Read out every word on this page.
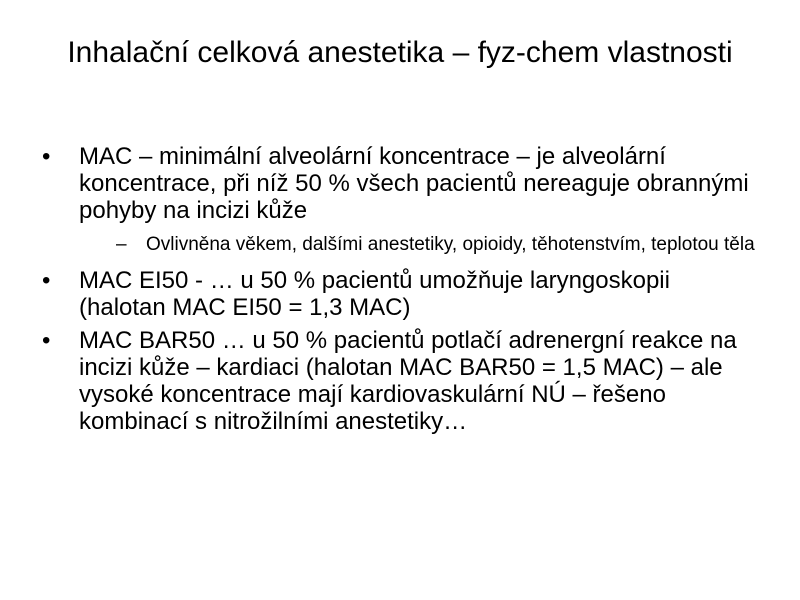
Inhalační celková anestetika – fyz-chem vlastnosti
•	MAC – minimální alveolární koncentrace – je alveolární koncentrace, při níž 50 % všech pacientů nereaguje obrannými pohyby na incizi kůže
– Ovlivněna věkem, dalšími anestetiky, opioidy, těhotenstvím, teplotou těla
•	MAC EI50 - … u 50 % pacientů umožňuje laryngoskopii (halotan MAC EI50 = 1,3 MAC)
•	MAC BAR50 … u 50 % pacientů potlačí adrenergní reakce na incizi kůže – kardiaci (halotan MAC BAR50 = 1,5 MAC) – ale vysoké koncentrace mají kardiovaskulární NÚ – řešeno kombinací s nitrožilními anestetiky…
